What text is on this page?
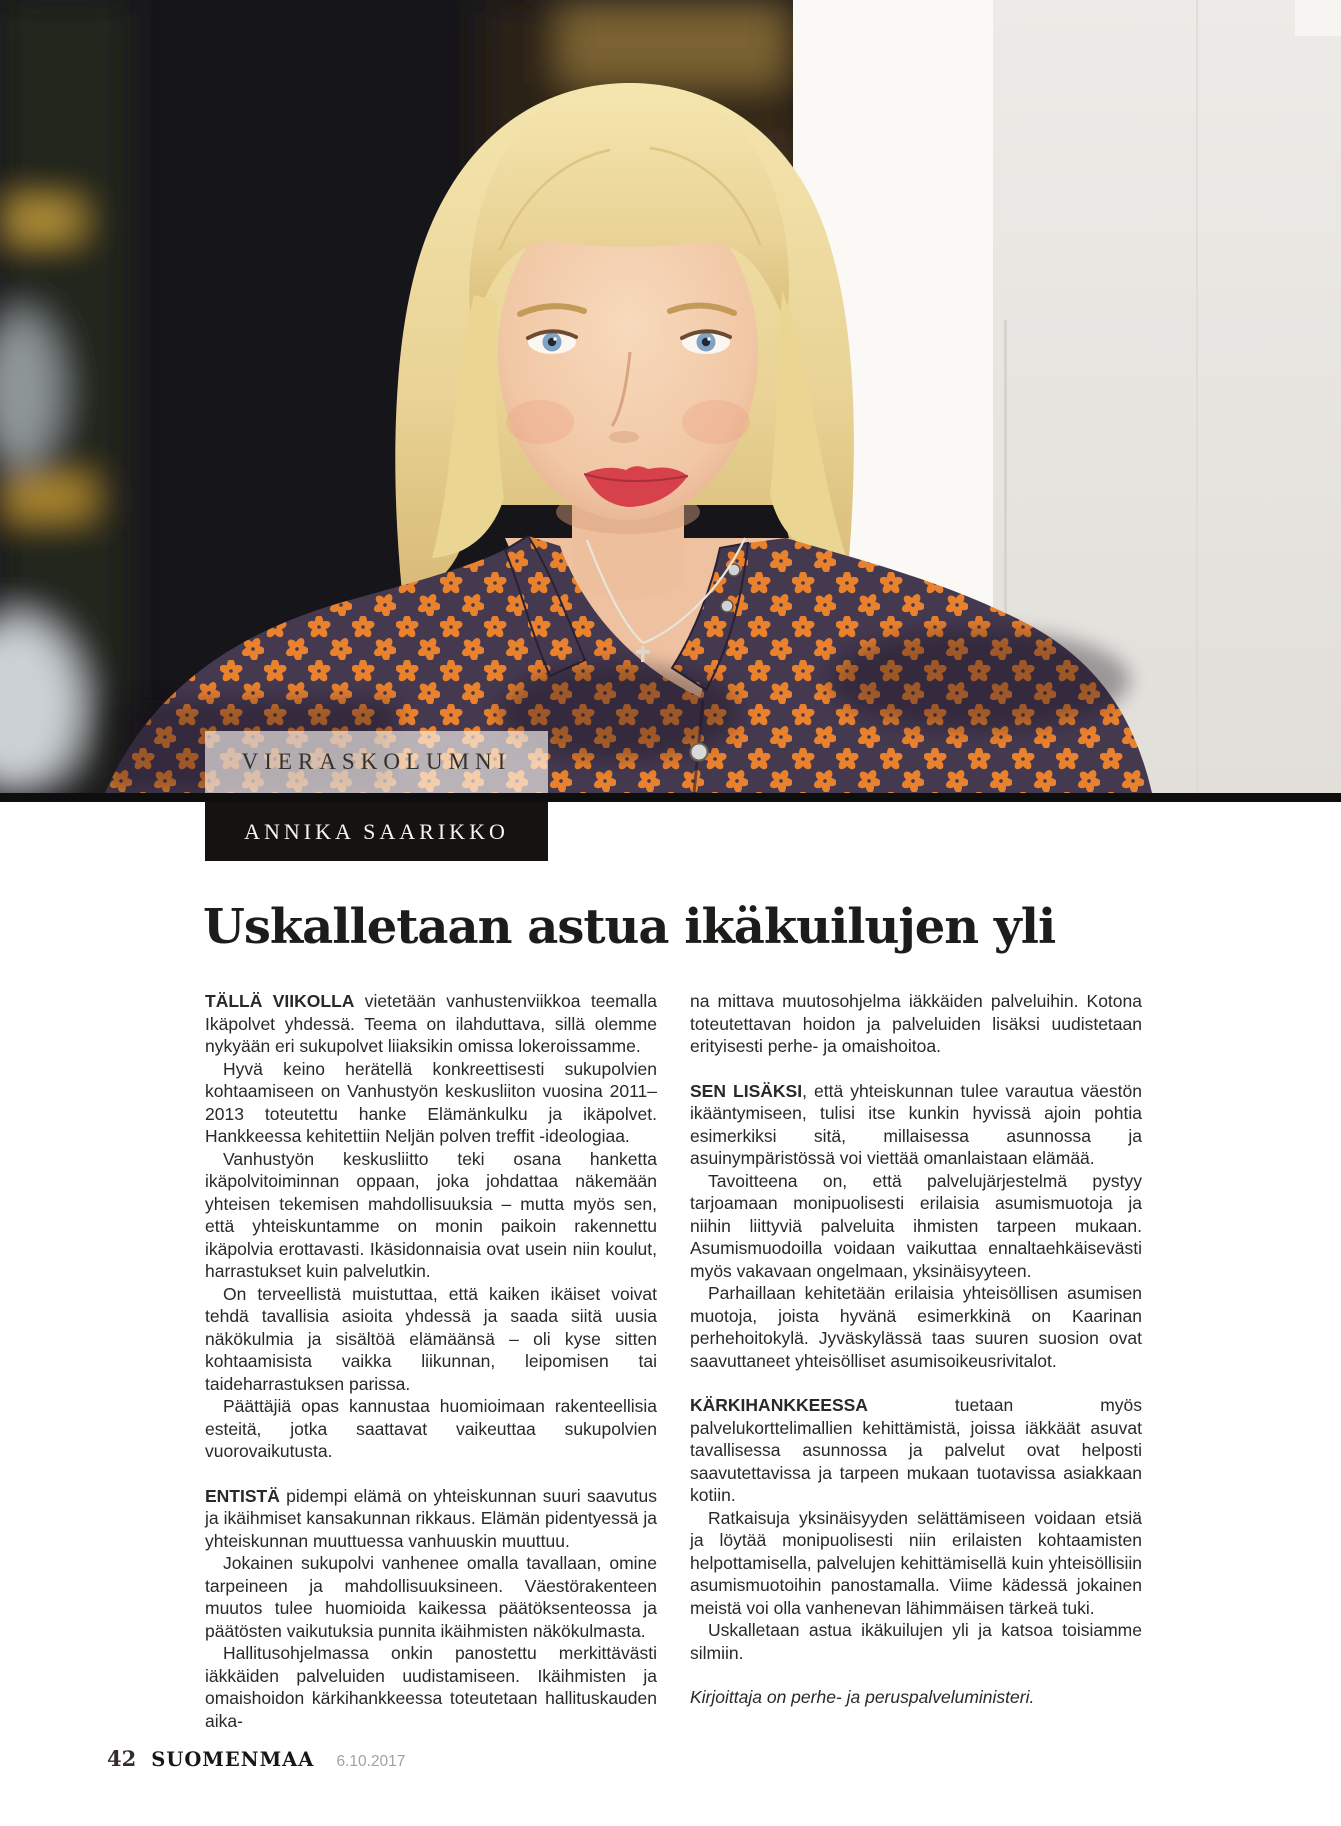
VIERASKOLUMNI
ANNIKA SAARIKKO
Uskalletaan astua ikäkuilujen yli

TÄLLÄ VIIKOLLA vietetään vanhustenviikkoa teemalla Ikäpolvet yhdessä. Teema on ilahduttava, sillä olemme nykyään eri sukupolvet liiaksikin omissa lokeroissamme.

Hyvä keino herätellä konkreettisesti sukupolvien kohtaamiseen on Vanhustyön keskusliiton vuosina 2011–2013 toteutettu hanke Elämänkulku ja ikäpolvet. Hankkeessa kehitettiin Neljän polven treffit -ideologiaa.

Vanhustyön keskusliitto teki osana hanketta ikäpolvitoiminnan oppaan, joka johdattaa näkemään yhteisen tekemisen mahdollisuuksia – mutta myös sen, että yhteiskuntamme on monin paikoin rakennettu ikäpolvia erottavasti. Ikäsidonnaisia ovat usein niin koulut, harrastukset kuin palvelutkin.

On terveellistä muistuttaa, että kaiken ikäiset voivat tehdä tavallisia asioita yhdessä ja saada siitä uusia näkökulmia ja sisältöä elämäänsä – oli kyse sitten kohtaamisista vaikka liikunnan, leipomisen tai taideharrastuksen parissa.

Päättäjiä opas kannustaa huomioimaan rakenteellisia esteitä, jotka saattavat vaikeuttaa sukupolvien vuorovaikutusta.

ENTISTÄ pidempi elämä on yhteiskunnan suuri saavutus ja ikäihmiset kansakunnan rikkaus. Elämän pidentyessä ja yhteiskunnan muuttuessa vanhuuskin muuttuu.

Jokainen sukupolvi vanhenee omalla tavallaan, omine tarpeineen ja mahdollisuuksineen. Väestörakenteen muutos tulee huomioida kaikessa päätöksenteossa ja päätösten vaikutuksia punnita ikäihmisten näkökulmasta.

Hallitusohjelmassa onkin panostettu merkittävästi iäkkäiden palveluiden uudistamiseen. Ikäihmisten ja omaishoidon kärkihankkeessa toteutetaan hallituskauden aika-

na mittava muutosohjelma iäkkäiden palveluihin. Kotona toteutettavan hoidon ja palveluiden lisäksi uudistetaan erityisesti perhe- ja omaishoitoa.

SEN LISÄKSI, että yhteiskunnan tulee varautua väestön ikääntymiseen, tulisi itse kunkin hyvissä ajoin pohtia esimerkiksi sitä, millaisessa asunnossa ja asuinympäristössä voi viettää omanlaistaan elämää.

Tavoitteena on, että palvelujärjestelmä pystyy tarjoamaan monipuolisesti erilaisia asumismuotoja ja niihin liittyviä palveluita ihmisten tarpeen mukaan. Asumismuodoilla voidaan vaikuttaa ennaltaehkäisevästi myös vakavaan ongelmaan, yksinäisyyteen.

Parhaillaan kehitetään erilaisia yhteisöllisen asumisen muotoja, joista hyvänä esimerkkinä on Kaarinan perhehoitokylä. Jyväskylässä taas suuren suosion ovat saavuttaneet yhteisölliset asumisoikeusrivitalot.

KÄRKIHANKKEESSA tuetaan myös palvelukorttelimallien kehittämistä, joissa iäkkäät asuvat tavallisessa asunnossa ja palvelut ovat helposti saavutettavissa ja tarpeen mukaan tuotavissa asiakkaan kotiin.

Ratkaisuja yksinäisyyden selättämiseen voidaan etsiä ja löytää monipuolisesti niin erilaisten kohtaamisten helpottamisella, palvelujen kehittämisellä kuin yhteisöllisiin asumismuotoihin panostamalla. Viime kädessä jokainen meistä voi olla vanhenevan lähimmäisen tärkeä tuki.

Uskalletaan astua ikäkuilujen yli ja katsoa toisiamme silmiin.

Kirjoittaja on perhe- ja peruspalveluministeri.

42 SUOMENMAA 6.10.2017
